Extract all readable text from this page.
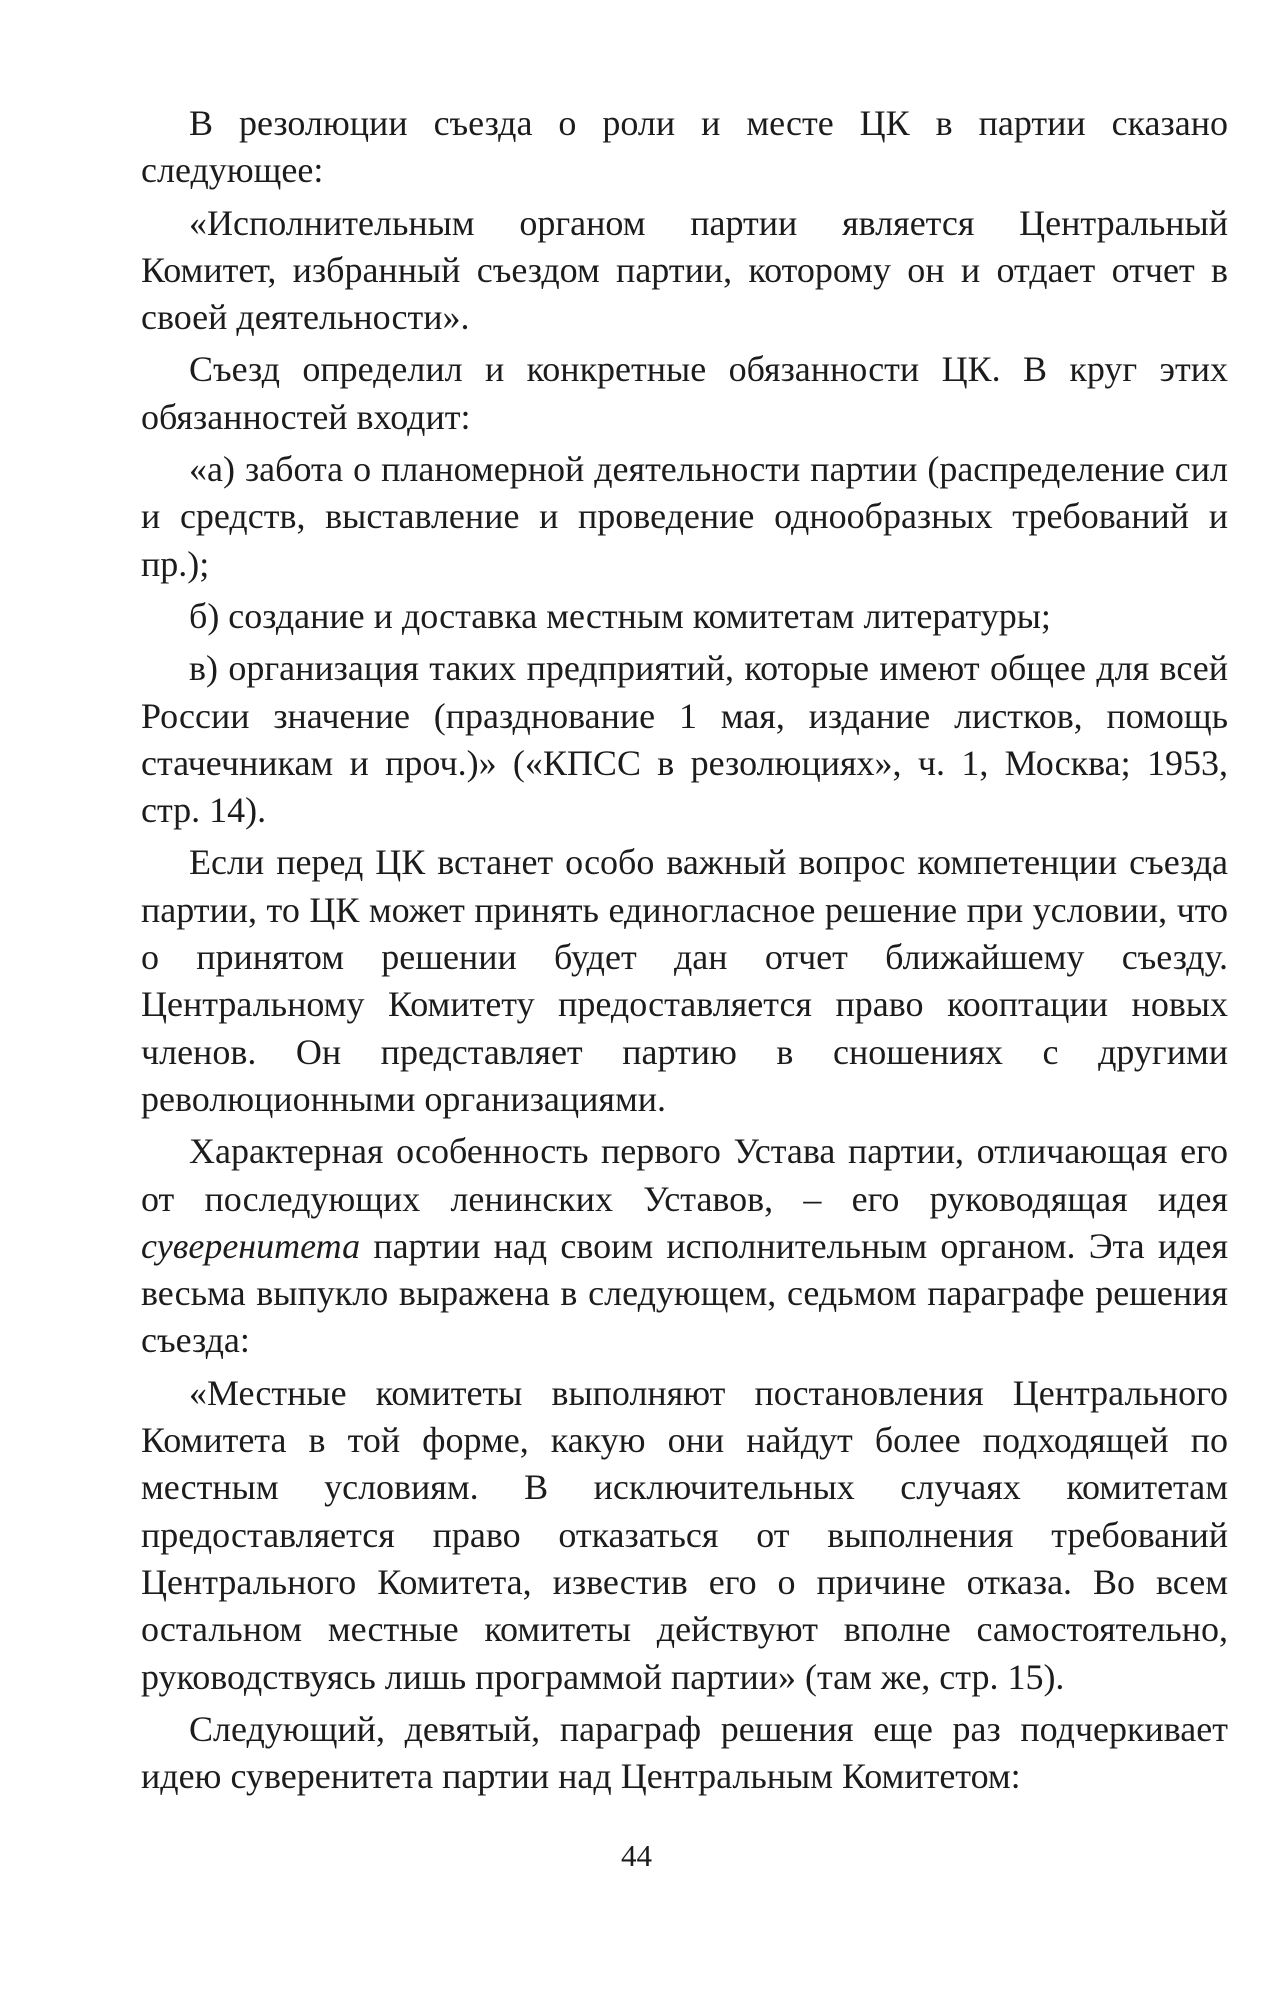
В резолюции съезда о роли и месте ЦК в партии сказано следующее:

«Исполнительным органом партии является Центральный Комитет, избранный съездом партии, которому он и отдает отчет в своей деятельности».

Съезд определил и конкретные обязанности ЦК. В круг этих обязанностей входит:

«а) забота о планомерной деятельности партии (распределение сил и средств, выставление и проведение однообразных требований и пр.);

б) создание и доставка местным комитетам литературы;

в) организация таких предприятий, которые имеют общее для всей России значение (празднование 1 мая, издание листков, помощь стачечникам и проч.)» («КПСС в резолюциях», ч. 1, Москва; 1953, стр. 14).

Если перед ЦК встанет особо важный вопрос компетенции съезда партии, то ЦК может принять единогласное решение при условии, что о принятом решении будет дан отчет ближайшему съезду. Центральному Комитету предоставляется право кооптации новых членов. Он представляет партию в сношениях с другими революционными организациями.

Характерная особенность первого Устава партии, отличающая его от последующих ленинских Уставов, – его руководящая идея суверенитета партии над своим исполнительным органом. Эта идея весьма выпукло выражена в следующем, седьмом параграфе решения съезда:

«Местные комитеты выполняют постановления Центрального Комитета в той форме, какую они найдут более подходящей по местным условиям. В исключительных случаях комитетам предоставляется право отказаться от выполнения требований Центрального Комитета, известив его о причине отказа. Во всем остальном местные комитеты действуют вполне самостоятельно, руководствуясь лишь программой партии» (там же, стр. 15).

Следующий, девятый, параграф решения еще раз подчеркивает идею суверенитета партии над Центральным Комитетом:

44
